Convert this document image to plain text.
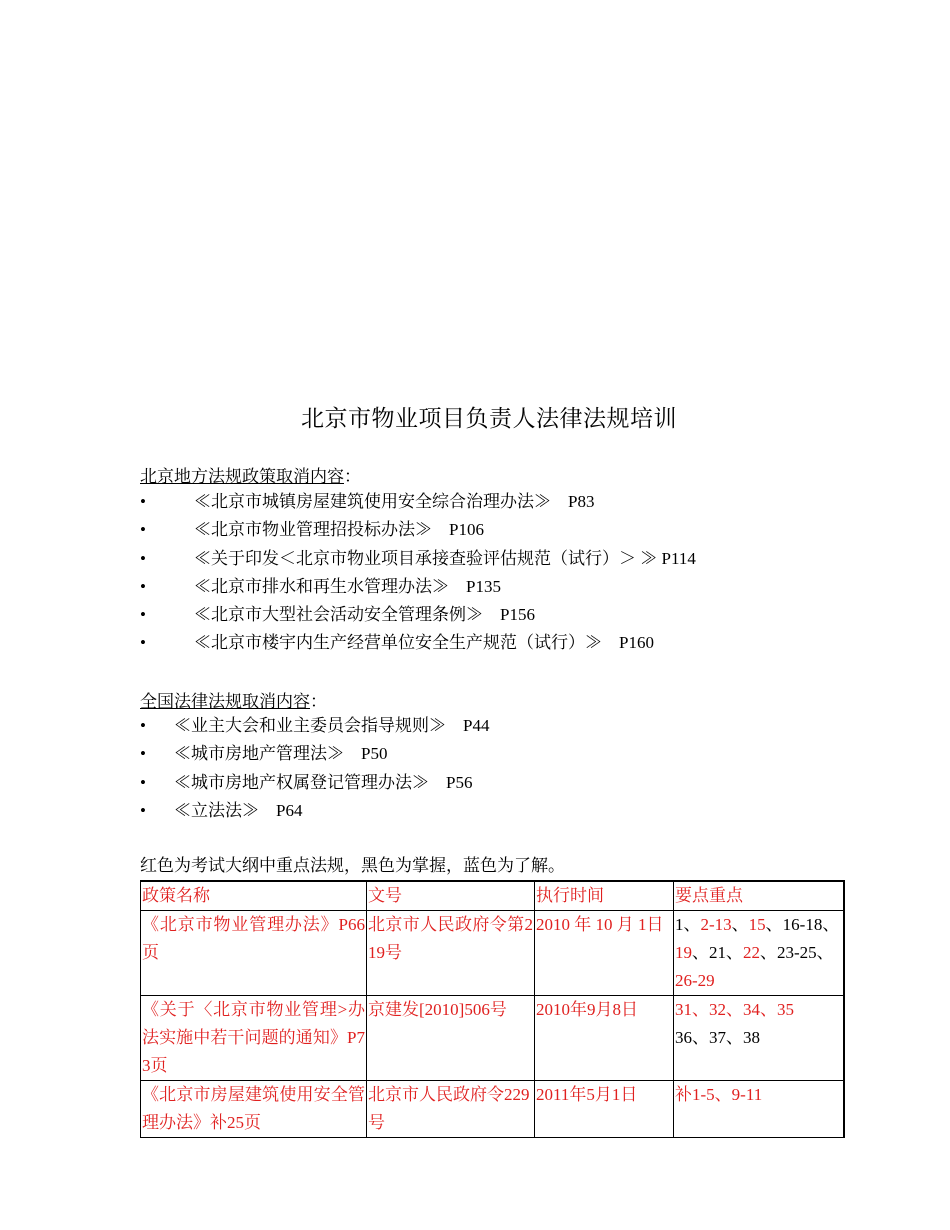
北京市物业项目负责人法律法规培训
北京地方法规政策取消内容：
•	≪北京市城镇房屋建筑使用安全综合治理办法≫　P83
•	≪北京市物业管理招投标办法≫　P106
•	≪关于印发＜北京市物业项目承接查验评估规范（试行）＞ ≫ P114
•	≪北京市排水和再生水管理办法≫　P135
•	≪北京市大型社会活动安全管理条例≫　P156
•	≪北京市楼宇内生产经营单位安全生产规范（试行）≫　P160
全国法律法规取消内容：
•	≪业主大会和业主委员会指导规则≫　P44
•	≪城市房地产管理法≫　P50
•	≪城市房地产权属登记管理办法≫　P56
•	≪立法法≫　P64
红色为考试大纲中重点法规，黑色为掌握，蓝色为了解。
政策名称	文号	执行时间	要点重点
《北京市物业管理办法》P66页	北京市人民政府令第219号	2010 年 10 月 1日	1、2-13、15、16-18、19、21、22、23-25、26-29
《关于〈北京市物业管理>办法实施中若干问题的通知》P73页	京建发[2010]506号	2010年9月8日	31、32、34、35
36、37、38
《北京市房屋建筑使用安全管理办法》补25页	北京市人民政府令229号	2011年5月1日	补1-5、9-11
